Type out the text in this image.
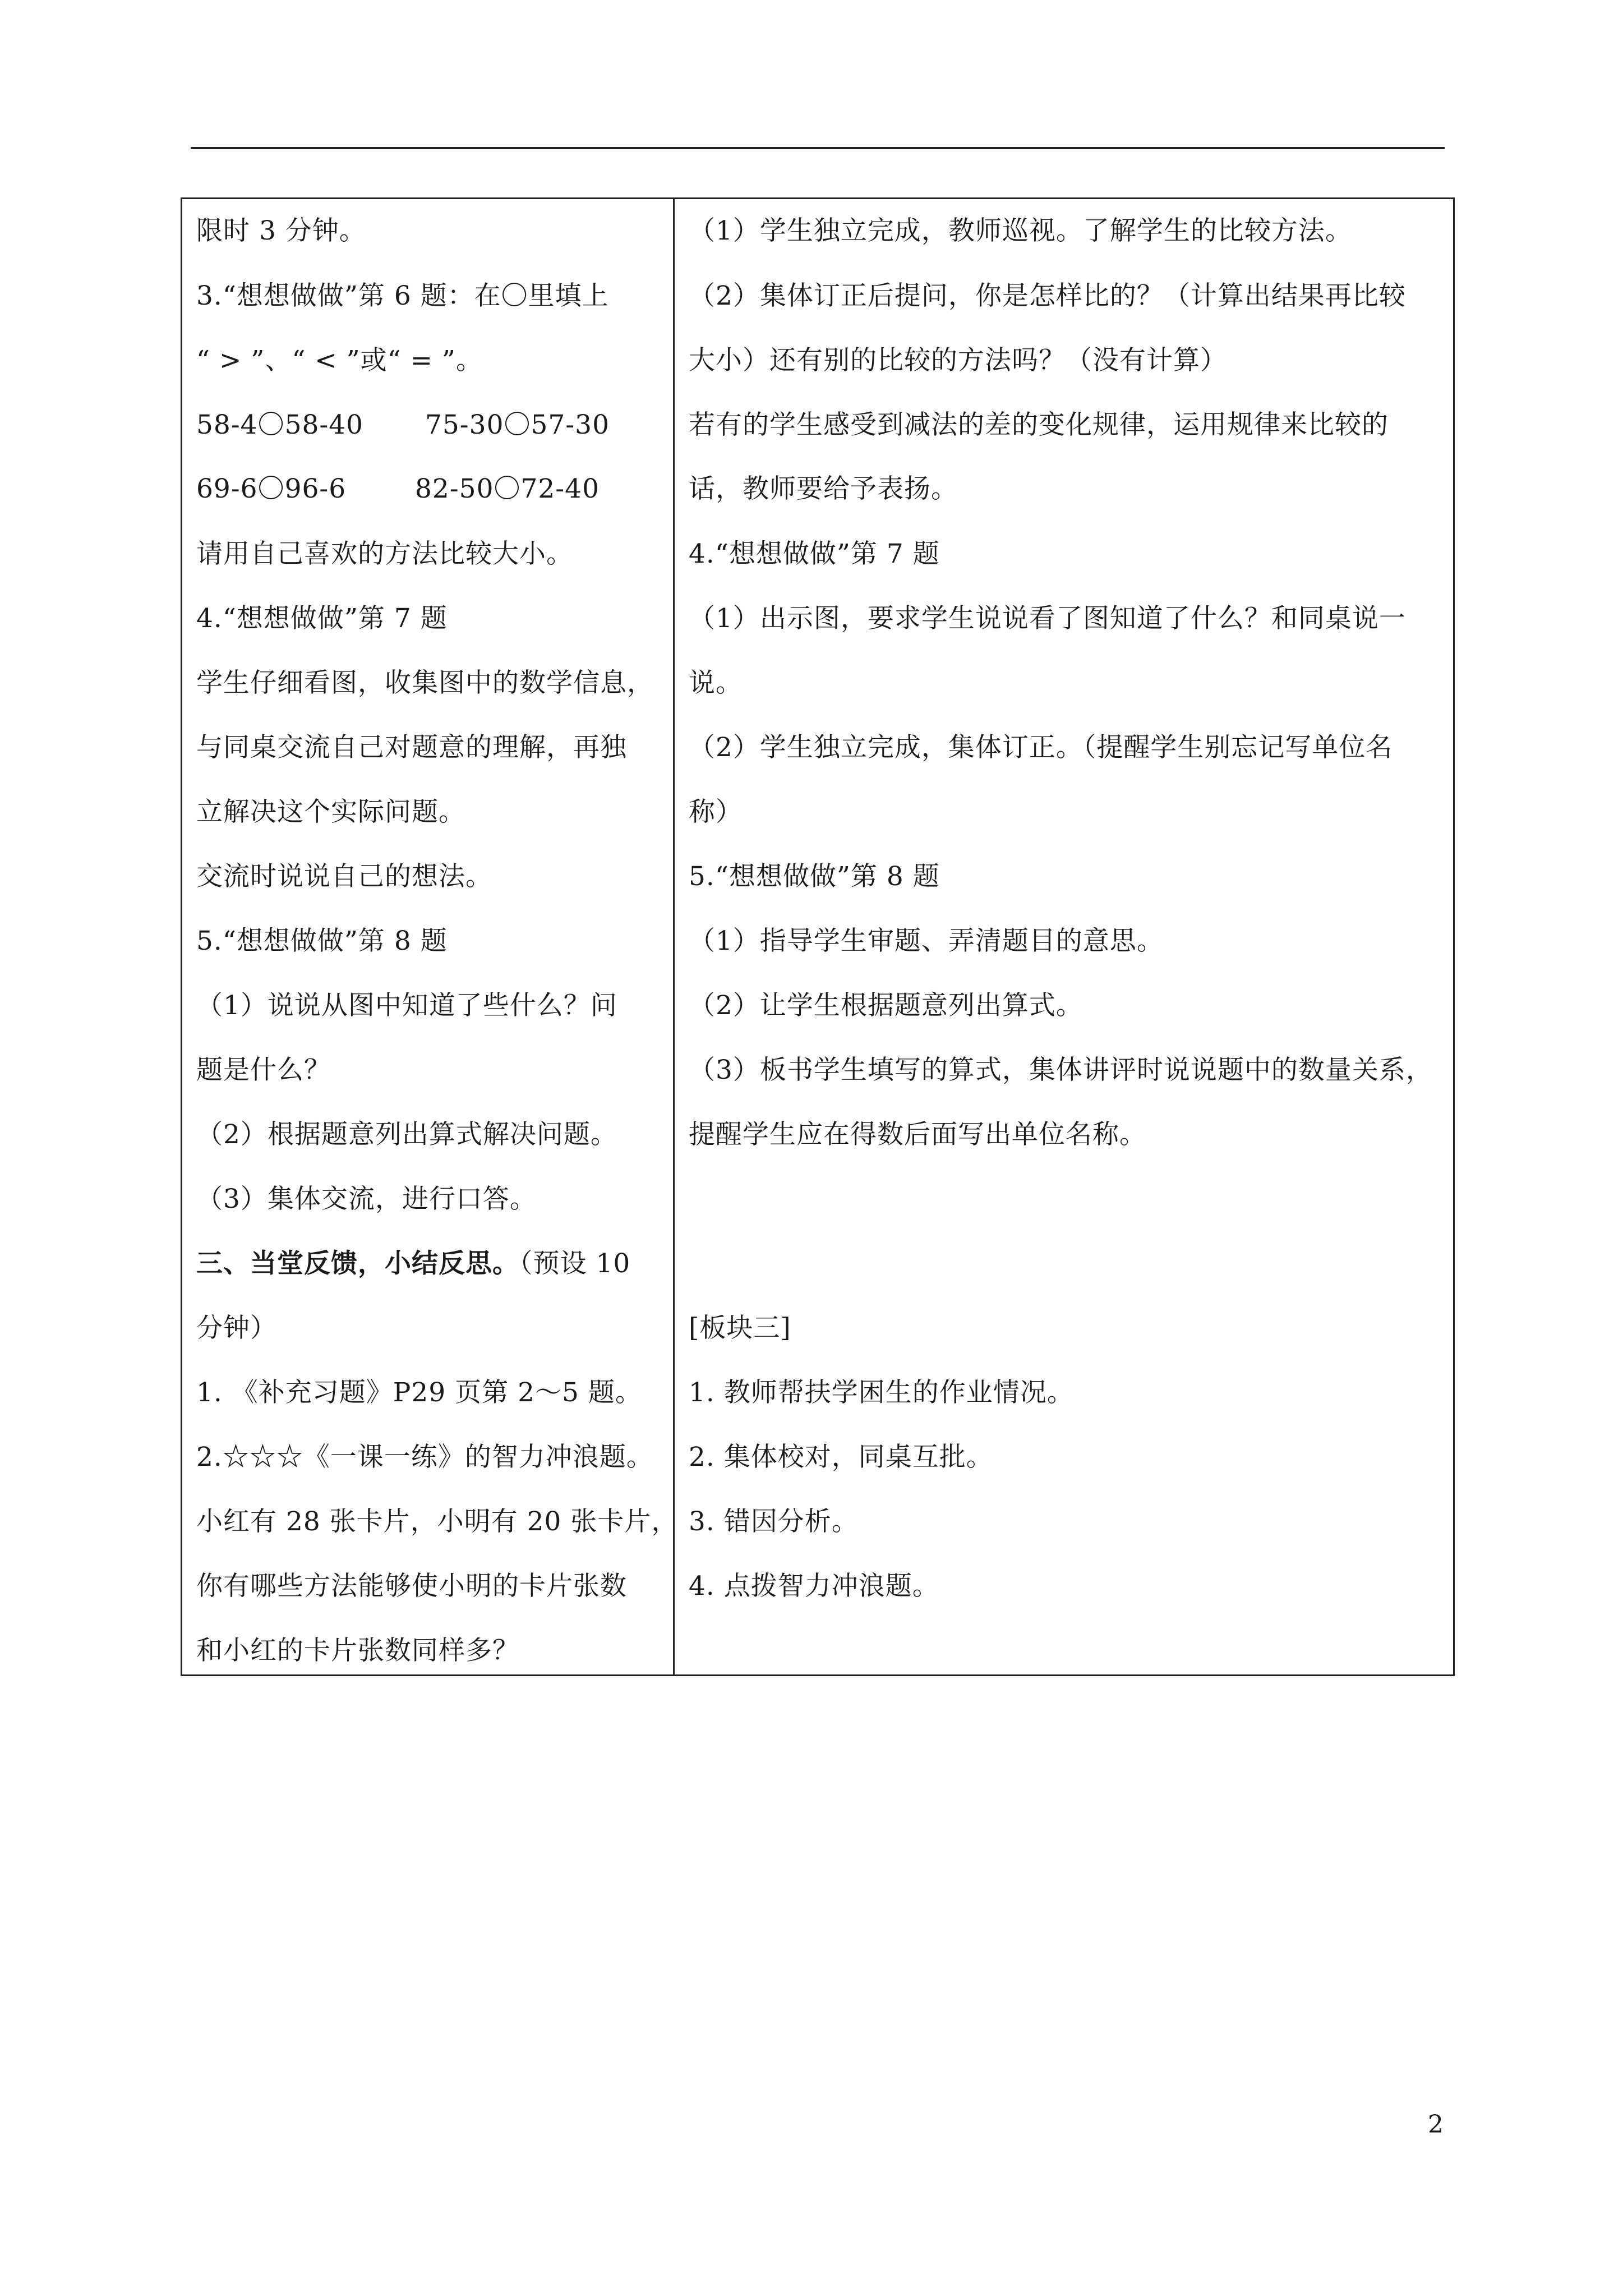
限时 3 分钟。
3.“想想做做”第 6 题：在〇里填上
“ > ”、“ < ”或“ = ”。
58-4〇58-40 75-30〇57-30
69-6〇96-6	82-50〇72-40
请用自己喜欢的方法比较大小。
4.“想想做做”第 7 题
学生仔细看图，收集图中的数学信息，
与同桌交流自己对题意的理解，再独
立解决这个实际问题。
交流时说说自己的想法。
5.“想想做做”第 8 题
（1）说说从图中知道了些什么？问
题是什么？
（2）根据题意列出算式解决问题。
（3）集体交流，进行口答。
三、当堂反馈，小结反思。（预设 10
分钟）
1. 《补充习题》P29 页第 2～5 题。
2.☆☆☆《一课一练》的智力冲浪题。
小红有 28 张卡片，小明有 20 张卡片，
你有哪些方法能够使小明的卡片张数
和小红的卡片张数同样多？
（1）学生独立完成，教师巡视。了解学生的比较方法。
（2）集体订正后提问，你是怎样比的？（计算出结果再比较
大小）还有别的比较的方法吗？（没有计算）
若有的学生感受到减法的差的变化规律，运用规律来比较的
话，教师要给予表扬。
4.“想想做做”第 7 题
（1）出示图，要求学生说说看了图知道了什么？和同桌说一
说。
（2）学生独立完成，集体订正。（提醒学生别忘记写单位名
称）
5.“想想做做”第 8 题
（1）指导学生审题、弄清题目的意思。
（2）让学生根据题意列出算式。
（3）板书学生填写的算式，集体讲评时说说题中的数量关系，
提醒学生应在得数后面写出单位名称。
[板块三]
1. 教师帮扶学困生的作业情况。
2. 集体校对，同桌互批。
3. 错因分析。
4. 点拨智力冲浪题。
2
